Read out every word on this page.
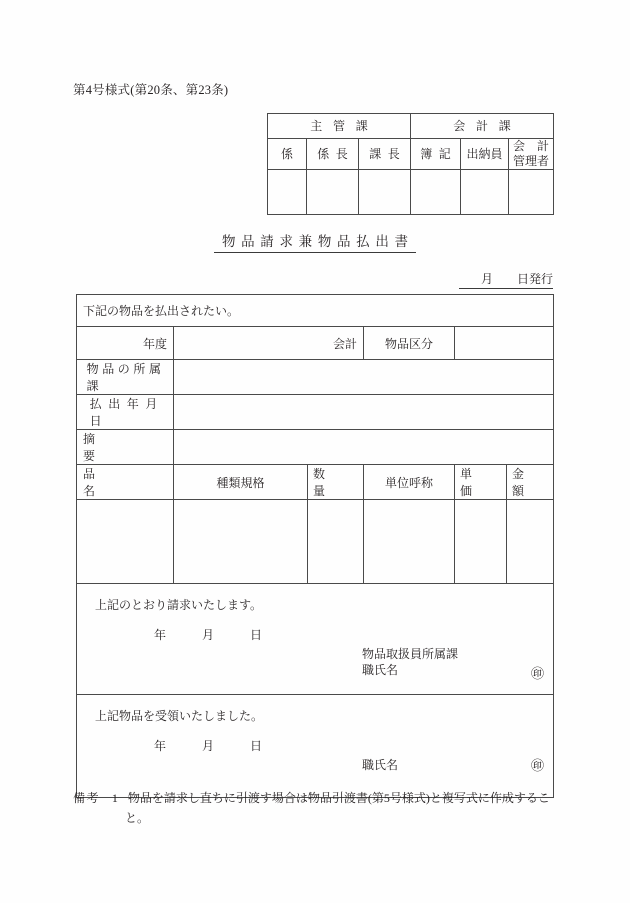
第4号様式(第20条、第23条)
主管課			会計課		
係	係長	課長	簿記	出納員	会　計
管理者

物品請求兼物品払出書
月　　日発行
下記の物品を払出されたい。					
年度	会計		物品区分		

物品の所属課					

払出年月日					

摘要					

品名	種類規格	数量	単位呼称	単価	金額

上記のとおり請求いたします。
年　　　月　　　日
物品取扱員所属課
職氏名 ㊞					

上記物品を受領いたしました。
年　　　月　　　日
職氏名 ㊞					
備考 1 物品を請求し直ちに引渡す場合は物品引渡書(第5号様式)と複写式に作成するこ
と。
